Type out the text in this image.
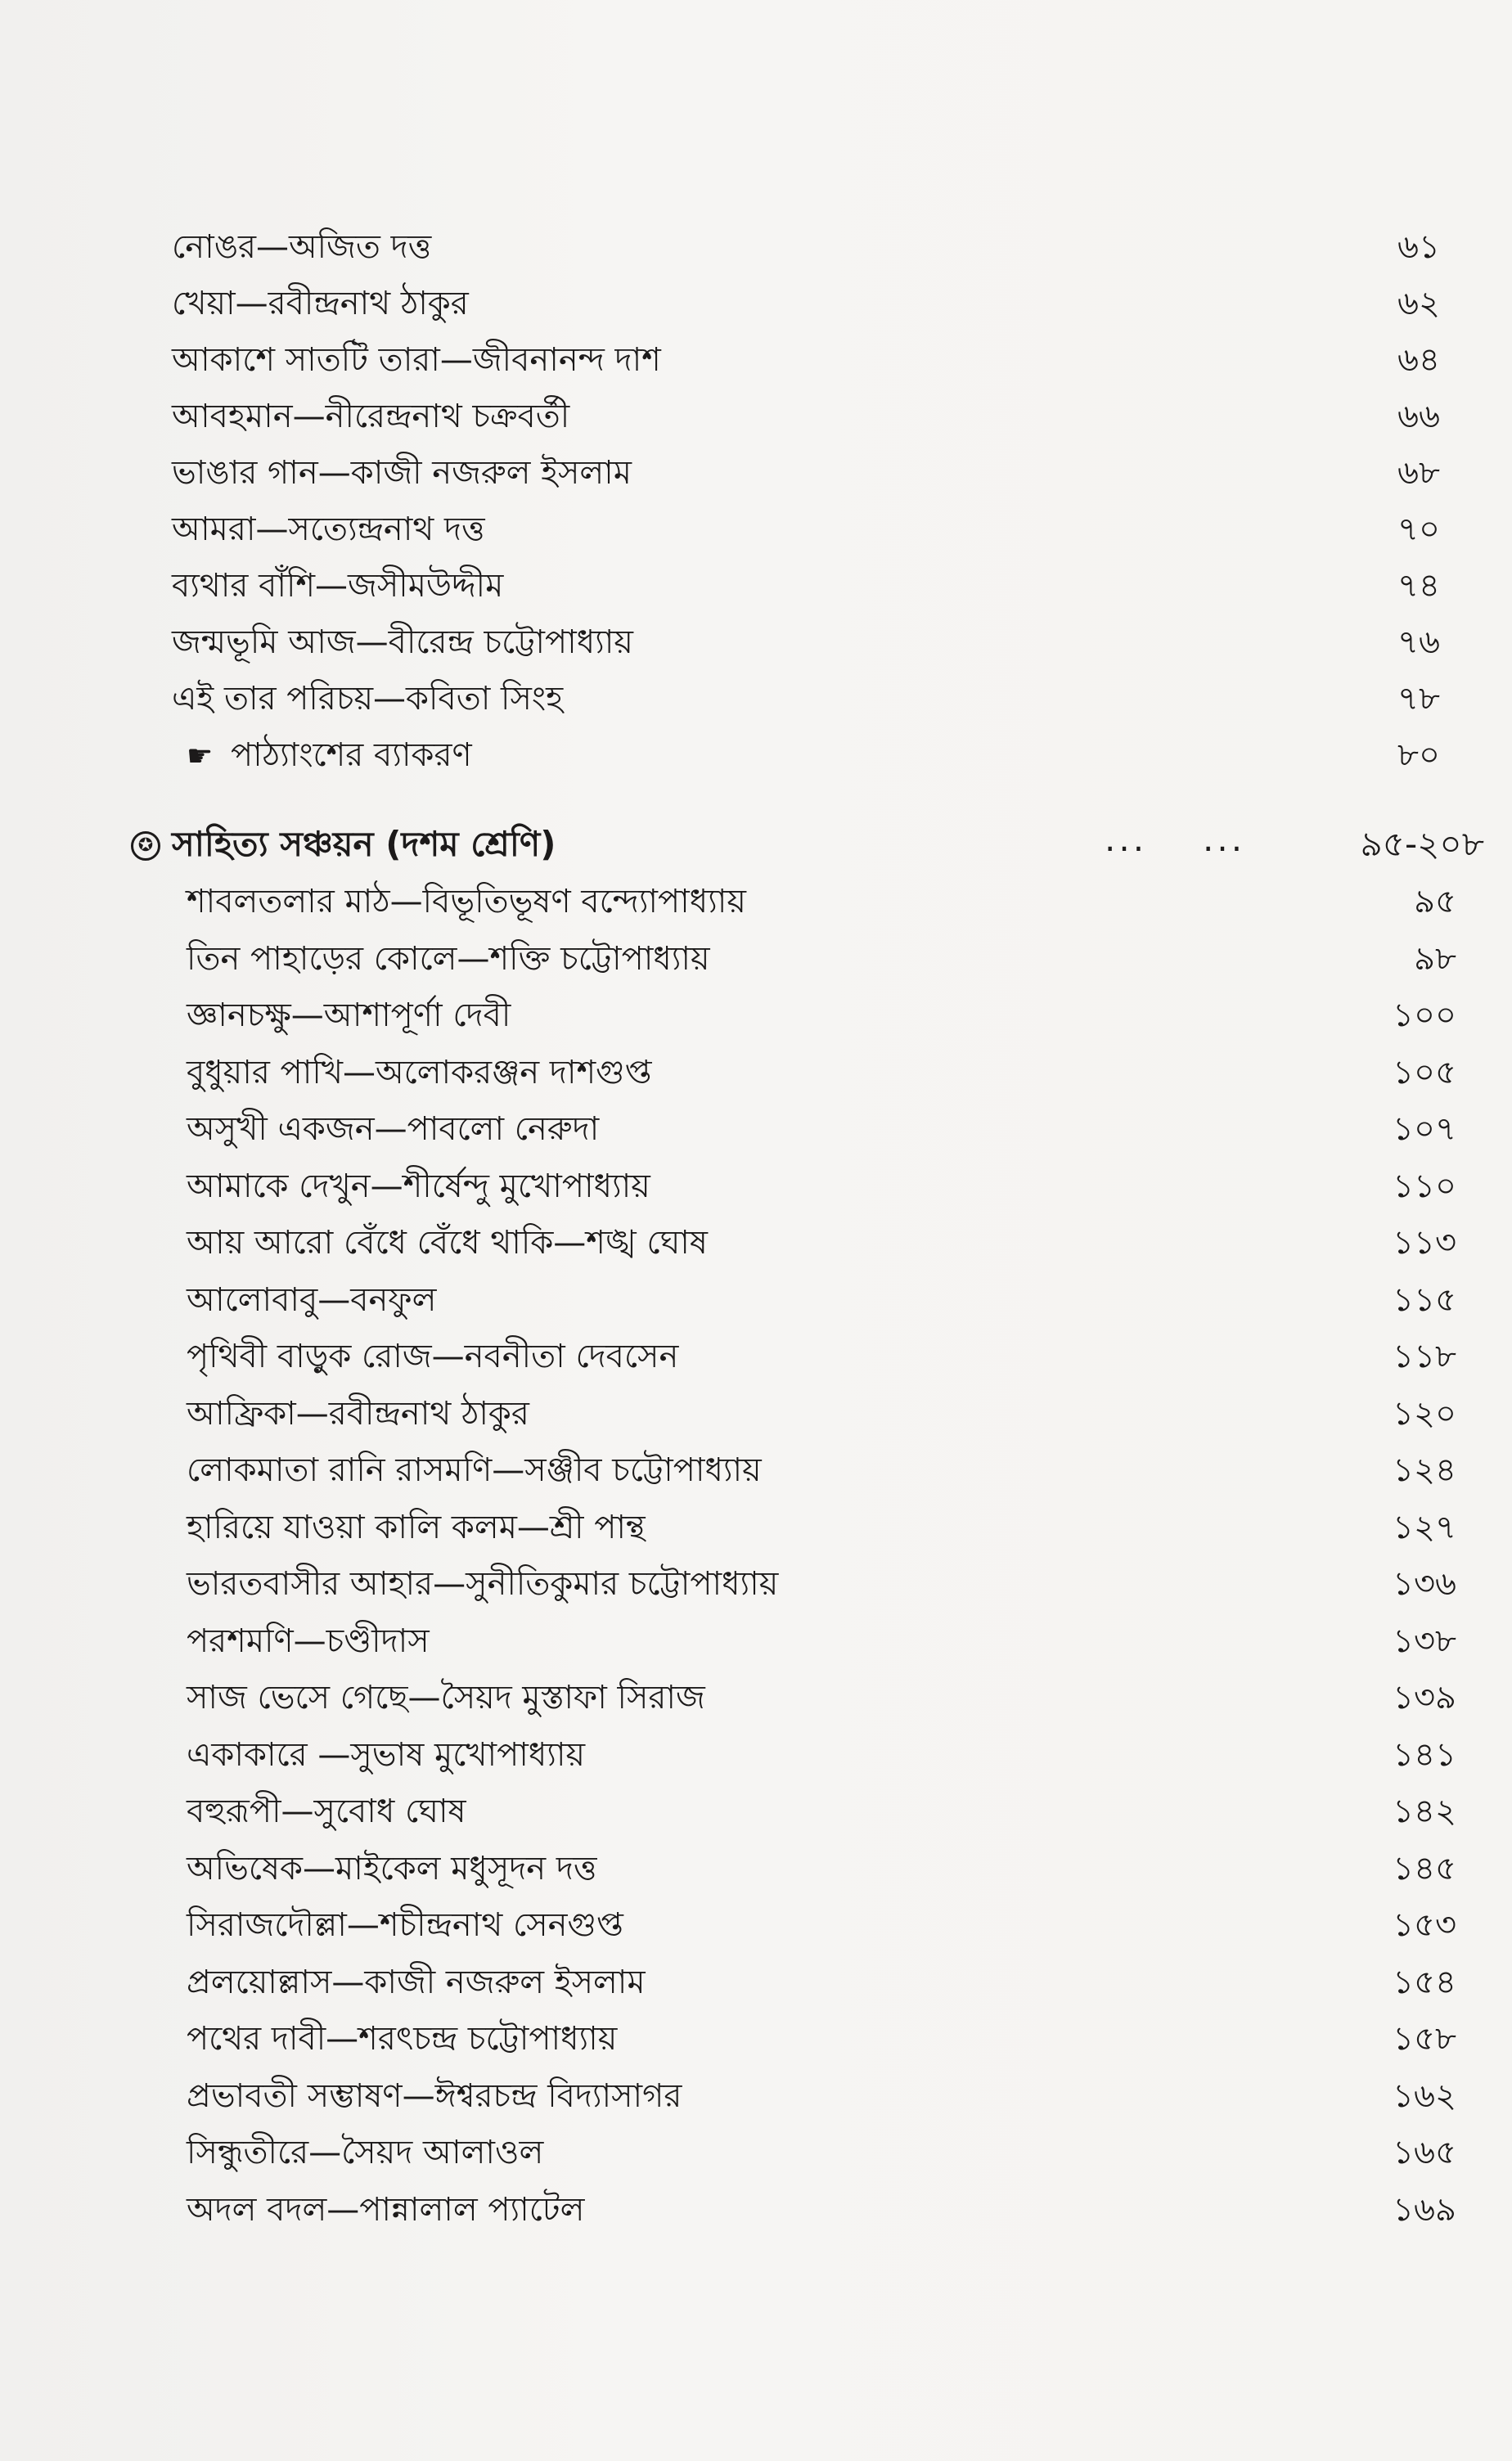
নোঙর—অজিত দত্ত	৬১
খেয়া—রবীন্দ্রনাথ ঠাকুর	৬২
আকাশে সাতটি তারা—জীবনানন্দ দাশ	৬৪
আবহমান—নীরেন্দ্রনাথ চক্রবর্তী	৬৬
ভাঙার গান—কাজী নজরুল ইসলাম	৬৮
আমরা—সত্যেন্দ্রনাথ দত্ত	৭০
ব্যথার বাঁশি—জসীমউদ্দীম	৭৪
জন্মভূমি আজ—বীরেন্দ্র চট্টোপাধ্যায়	৭৬
এই তার পরিচয়—কবিতা সিংহ	৭৮
☛ পাঠ্যাংশের ব্যাকরণ	৮০
✪ সাহিত্য সঞ্চয়ন (দশম শ্রেণি)	... ...	৯৫-২০৮
শাবলতলার মাঠ—বিভূতিভূষণ বন্দ্যোপাধ্যায়	৯৫
তিন পাহাড়ের কোলে—শক্তি চট্টোপাধ্যায়	৯৮
জ্ঞানচক্ষু—আশাপূর্ণা দেবী	১০০
বুধুয়ার পাখি—অলোকরঞ্জন দাশগুপ্ত	১০৫
অসুখী একজন—পাবলো নেরুদা	১০৭
আমাকে দেখুন—শীর্ষেন্দু মুখোপাধ্যায়	১১০
আয় আরো বেঁধে বেঁধে থাকি—শঙ্খ ঘোষ	১১৩
আলোবাবু—বনফুল	১১৫
পৃথিবী বাড়ুক রোজ—নবনীতা দেবসেন	১১৮
আফ্রিকা—রবীন্দ্রনাথ ঠাকুর	১২০
লোকমাতা রানি রাসমণি—সঞ্জীব চট্টোপাধ্যায়	১২৪
হারিয়ে যাওয়া কালি কলম—শ্রী পান্থ	১২৭
ভারতবাসীর আহার—সুনীতিকুমার চট্টোপাধ্যায়	১৩৬
পরশমণি—চণ্ডীদাস	১৩৮
সাজ ভেসে গেছে—সৈয়দ মুস্তাফা সিরাজ	১৩৯
একাকারে —সুভাষ মুখোপাধ্যায়	১৪১
বহুরূপী—সুবোধ ঘোষ	১৪২
অভিষেক—মাইকেল মধুসূদন দত্ত	১৪৫
সিরাজদৌল্লা—শচীন্দ্রনাথ সেনগুপ্ত	১৫৩
প্রলয়োল্লাস—কাজী নজরুল ইসলাম	১৫৪
পথের দাবী—শরৎচন্দ্র চট্টোপাধ্যায়	১৫৮
প্রভাবতী সম্ভাষণ—ঈশ্বরচন্দ্র বিদ্যাসাগর	১৬২
সিন্ধুতীরে—সৈয়দ আলাওল	১৬৫
অদল বদল—পান্নালাল প্যাটেল	১৬৯
